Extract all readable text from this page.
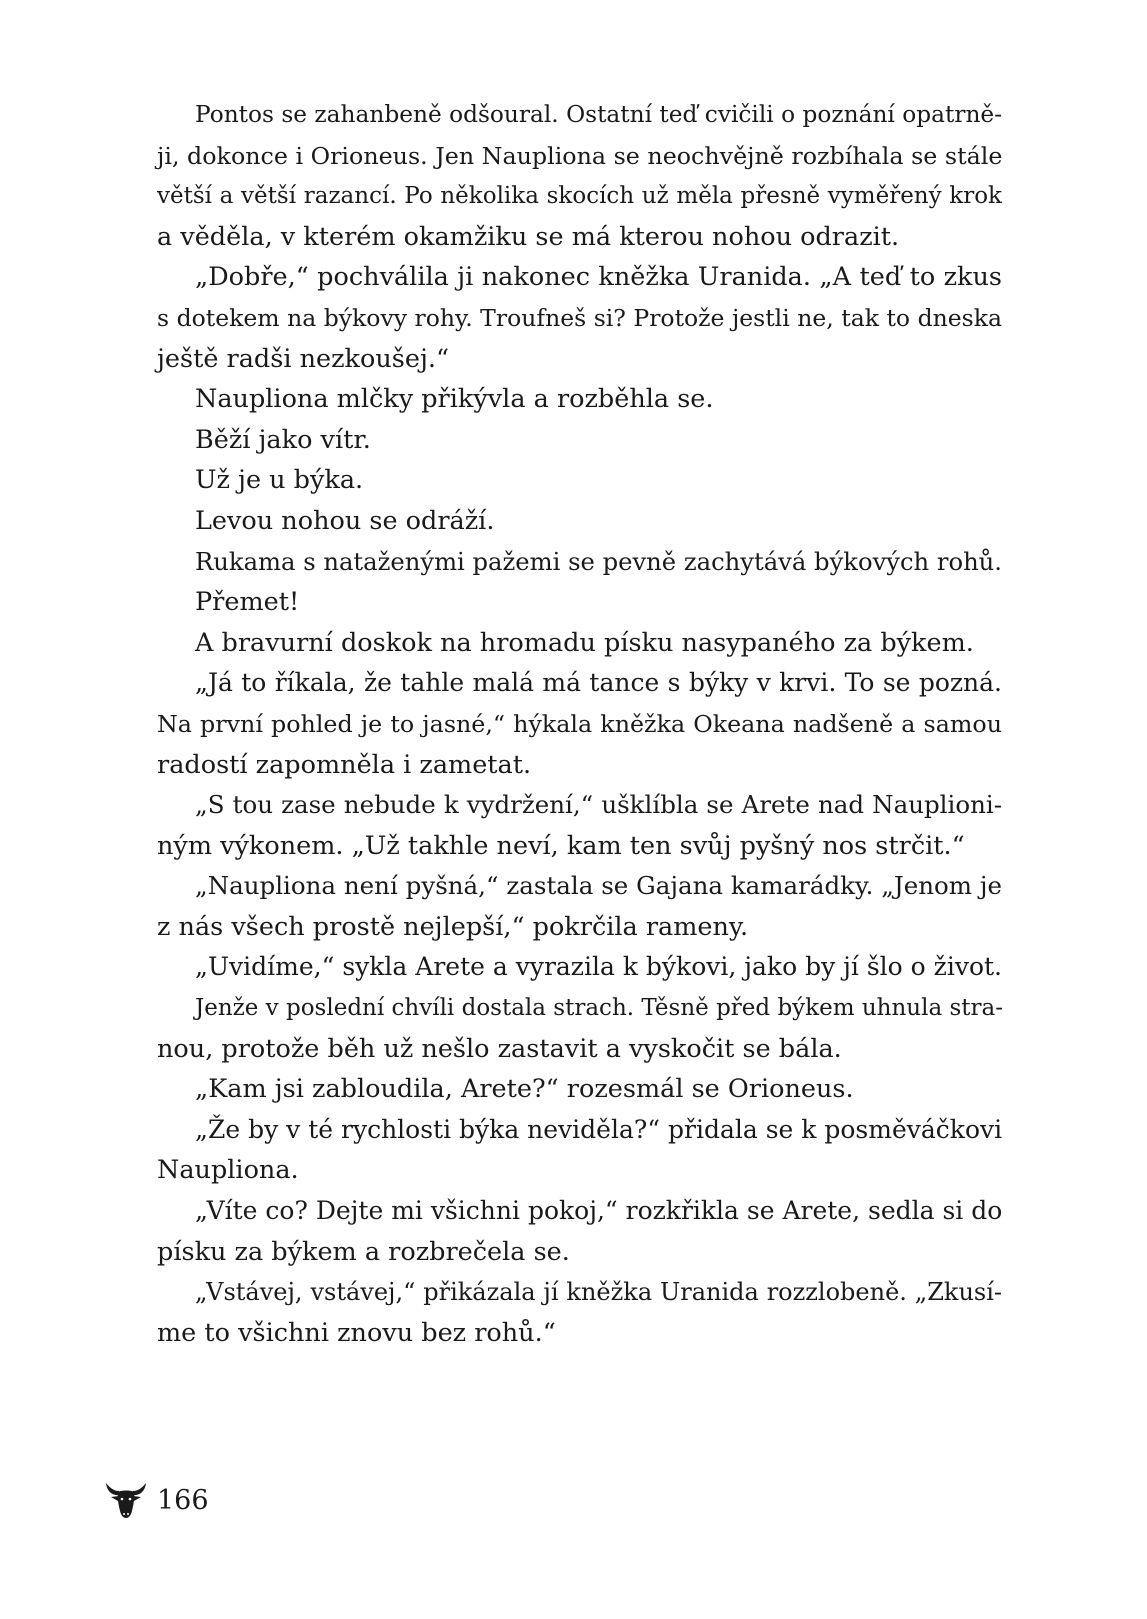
Pontos se zahanbeně odšoural. Ostatní teď cvičili o poznání opatrně-
ji, dokonce i Orioneus. Jen Naupliona se neochvějně rozbíhala se stále
větší a větší razancí. Po několika skocích už měla přesně vyměřený krok
a věděla, v kterém okamžiku se má kterou nohou odrazit.
„Dobře,“ pochválila ji nakonec kněžka Uranida. „A teď to zkus
s dotekem na býkovy rohy. Troufneš si? Protože jestli ne, tak to dneska
ještě radši nezkoušej.“
Naupliona mlčky přikývla a rozběhla se.
Běží jako vítr.
Už je u býka.
Levou nohou se odráží.
Rukama s nataženými pažemi se pevně zachytává býkových rohů.
Přemet!
A bravurní doskok na hromadu písku nasypaného za býkem.
„Já to říkala, že tahle malá má tance s býky v krvi. To se pozná.
Na první pohled je to jasné,“ hýkala kněžka Okeana nadšeně a samou
radostí zapomněla i zametat.
„S tou zase nebude k vydržení,“ ušklíbla se Arete nad Nauplioni-
ným výkonem. „Už takhle neví, kam ten svůj pyšný nos strčit.“
„Naupliona není pyšná,“ zastala se Gajana kamarádky. „Jenom je
z nás všech prostě nejlepší,“ pokrčila rameny.
„Uvidíme,“ sykla Arete a vyrazila k býkovi, jako by jí šlo o život.
Jenže v poslední chvíli dostala strach. Těsně před býkem uhnula stra-
nou, protože běh už nešlo zastavit a vyskočit se bála.
„Kam jsi zabloudila, Arete?“ rozesmál se Orioneus.
„Že by v té rychlosti býka neviděla?“ přidala se k posměváčkovi
Naupliona.
„Víte co? Dejte mi všichni pokoj,“ rozkřikla se Arete, sedla si do
písku za býkem a rozbrečela se.
„Vstávej, vstávej,“ přikázala jí kněžka Uranida rozzlobeně. „Zkusí-
me to všichni znovu bez rohů.“
166
